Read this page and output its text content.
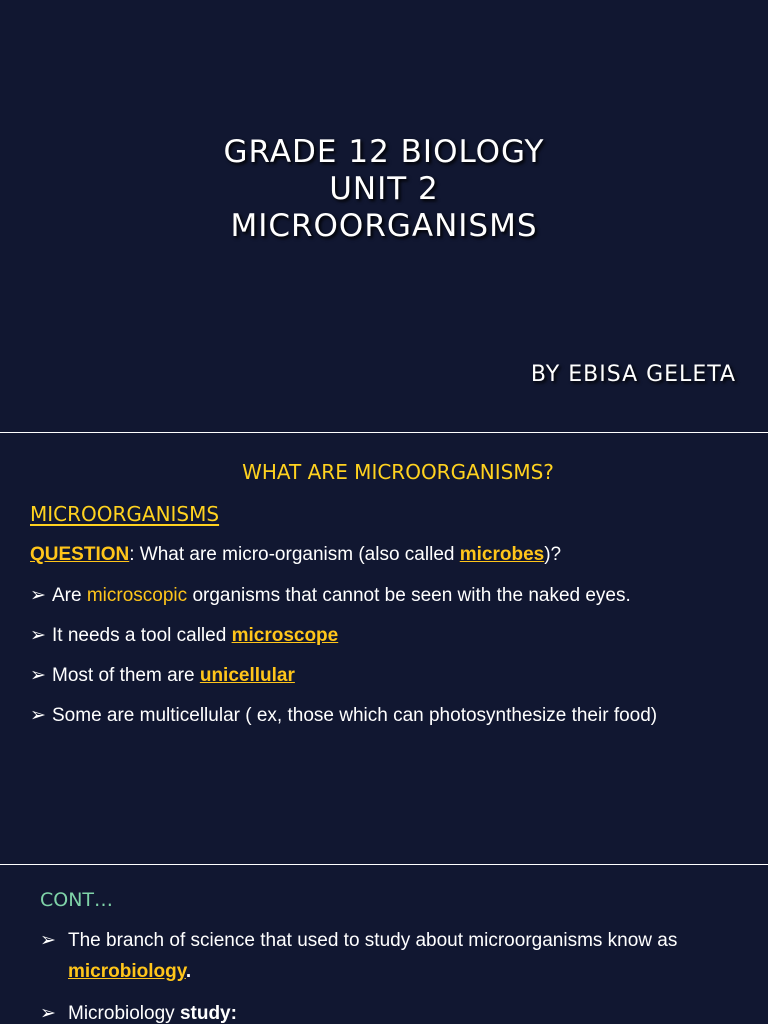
GRADE 12 BIOLOGY
UNIT 2
MICROORGANISMS
BY EBISA GELETA
WHAT ARE MICROORGANISMS?
MICROORGANISMS
QUESTION: What are micro-organism (also called microbes)?
➢ Are microscopic organisms that cannot be seen with the naked eyes.
➢ It needs a tool called microscope
➢ Most of them are unicellular
➢ Some are multicellular ( ex, those which can photosynthesize their food)
CONT…
➢ The branch of science that used to study about microorganisms know as
microbiology.
➢ Microbiology study:
